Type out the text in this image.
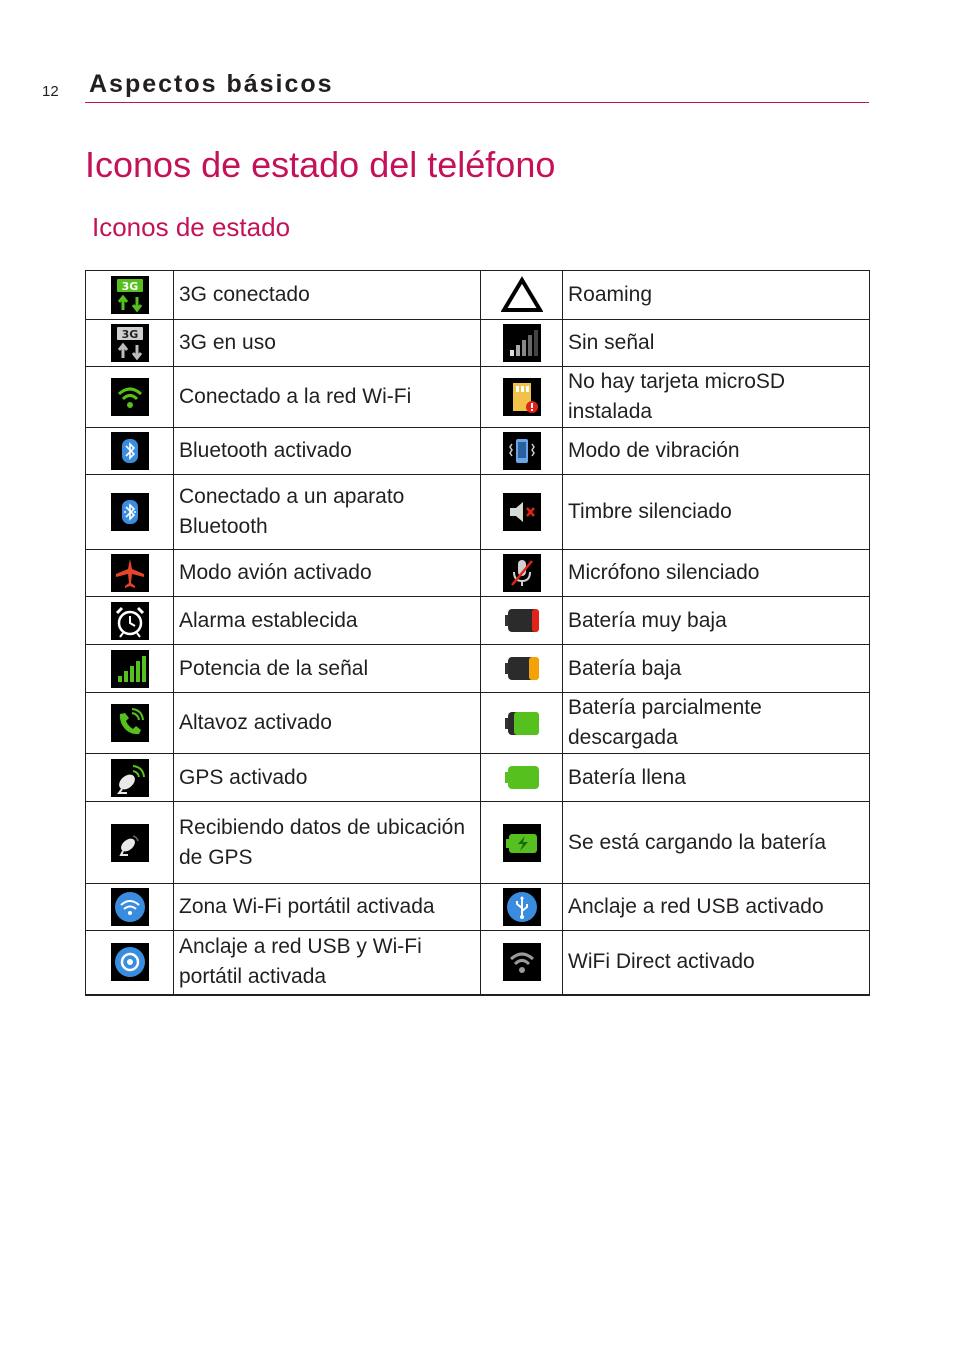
12 Aspectos básicos
Iconos de estado del teléfono
Iconos de estado
3G	3G conectado		Roaming

3G	3G en uso		Sin señal

	Conectado a la red Wi-Fi		No hay tarjeta microSD instalada

	Bluetooth activado		Modo de vibración

	Conectado a un aparato Bluetooth		Timbre silenciado

	Modo avión activado		Micrófono silenciado

	Alarma establecida		Batería muy baja

	Potencia de la señal		Batería baja

	Altavoz activado		Batería parcialmente descargada

	GPS activado		Batería llena

	Recibiendo datos de ubicación de GPS		Se está cargando la batería

	Zona Wi-Fi portátil activada		Anclaje a red USB activado

	Anclaje a red USB y Wi-Fi portátil activada		WiFi Direct activado
